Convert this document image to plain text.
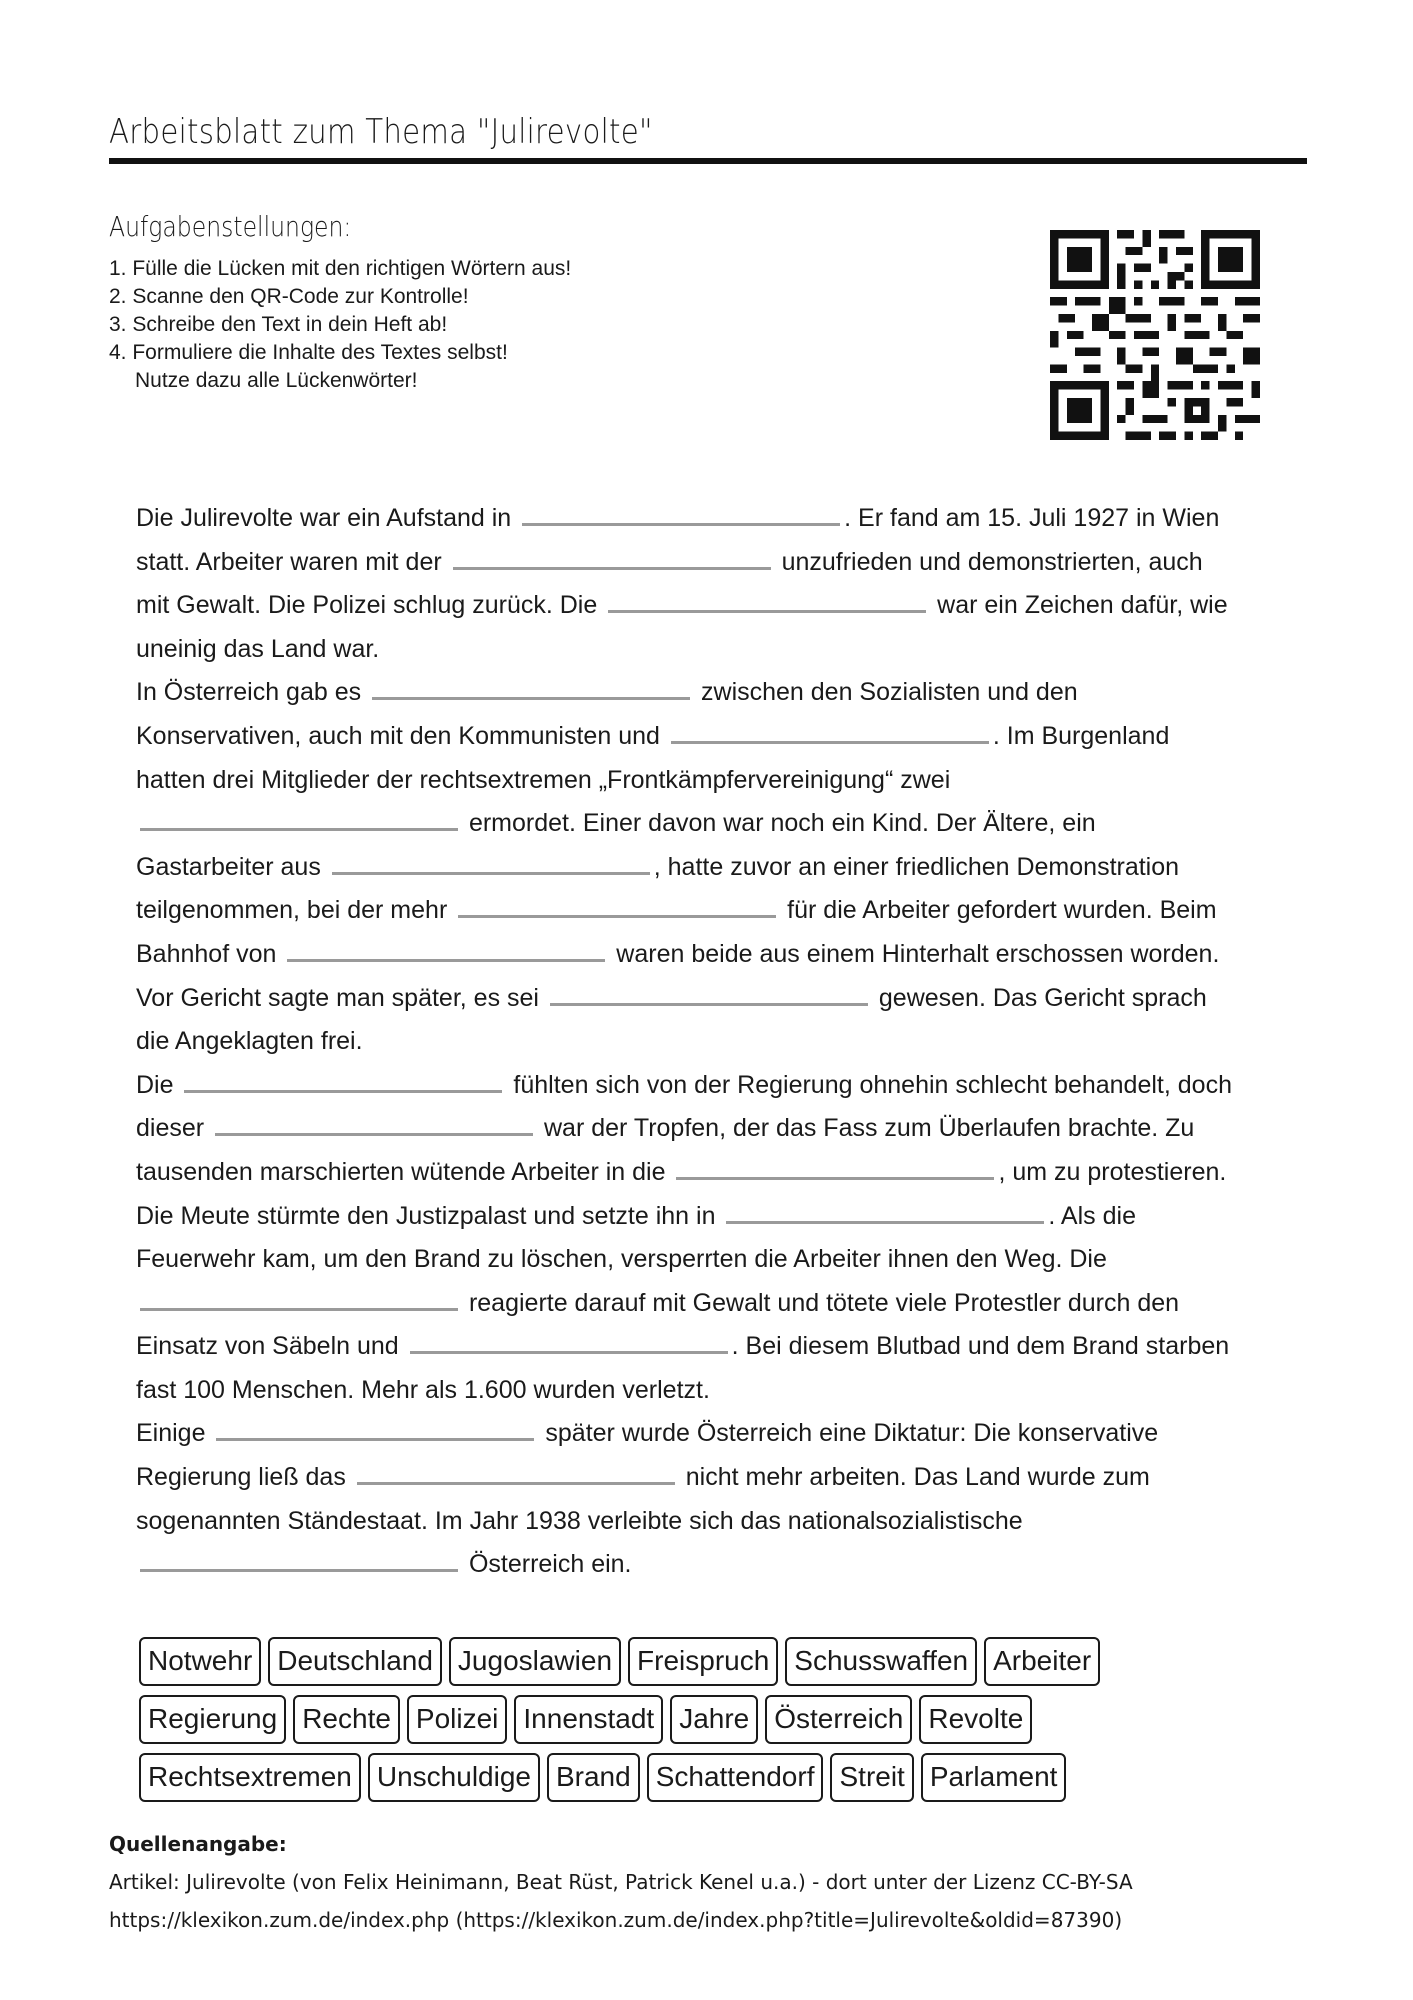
Arbeitsblatt zum Thema "Julirevolte"
Aufgabenstellungen:
1. Fülle die Lücken mit den richtigen Wörtern aus!
2. Scanne den QR-Code zur Kontrolle!
3. Schreibe den Text in dein Heft ab!
4. Formuliere die Inhalte des Textes selbst!
Nutze dazu alle Lückenwörter!
Die Julirevolte war ein Aufstand in	. Er fand am 15. Juli 1927 in Wien
statt. Arbeiter waren mit der	unzufrieden und demonstrierten, auch
mit Gewalt. Die Polizei schlug zurück. Die	war ein Zeichen dafür, wie
uneinig das Land war.
In Österreich gab es	zwischen den Sozialisten und den
Konservativen, auch mit den Kommunisten und	. Im Burgenland
hatten drei Mitglieder der rechtsextremen „Frontkämpfervereinigung“ zwei
ermordet. Einer davon war noch ein Kind. Der Ältere, ein
Gastarbeiter aus	, hatte zuvor an einer friedlichen Demonstration
teilgenommen, bei der mehr	für die Arbeiter gefordert wurden. Beim
Bahnhof von	waren beide aus einem Hinterhalt erschossen worden.
Vor Gericht sagte man später, es sei	gewesen. Das Gericht sprach
die Angeklagten frei.
Die	fühlten sich von der Regierung ohnehin schlecht behandelt, doch
dieser	war der Tropfen, der das Fass zum Überlaufen brachte. Zu
tausenden marschierten wütende Arbeiter in die	, um zu protestieren.
Die Meute stürmte den Justizpalast und setzte ihn in	. Als die
Feuerwehr kam, um den Brand zu löschen, versperrten die Arbeiter ihnen den Weg. Die
reagierte darauf mit Gewalt und tötete viele Protestler durch den
Einsatz von Säbeln und	. Bei diesem Blutbad und dem Brand starben
fast 100 Menschen. Mehr als 1.600 wurden verletzt.
Einige	später wurde Österreich eine Diktatur: Die konservative
Regierung ließ das	nicht mehr arbeiten. Das Land wurde zum
sogenannten Ständestaat. Im Jahr 1938 verleibte sich das nationalsozialistische
Österreich ein.
Notwehr Deutschland Jugoslawien Freispruch Schusswaffen Arbeiter
Regierung Rechte Polizei Innenstadt Jahre Österreich Revolte
Rechtsextremen Unschuldige Brand Schattendorf Streit Parlament
Quellenangabe:
Artikel: Julirevolte (von Felix Heinimann, Beat Rüst, Patrick Kenel u.a.) - dort unter der Lizenz CC-BY-SA
https://klexikon.zum.de/index.php (https://klexikon.zum.de/index.php?title=Julirevolte&oldid=87390)
